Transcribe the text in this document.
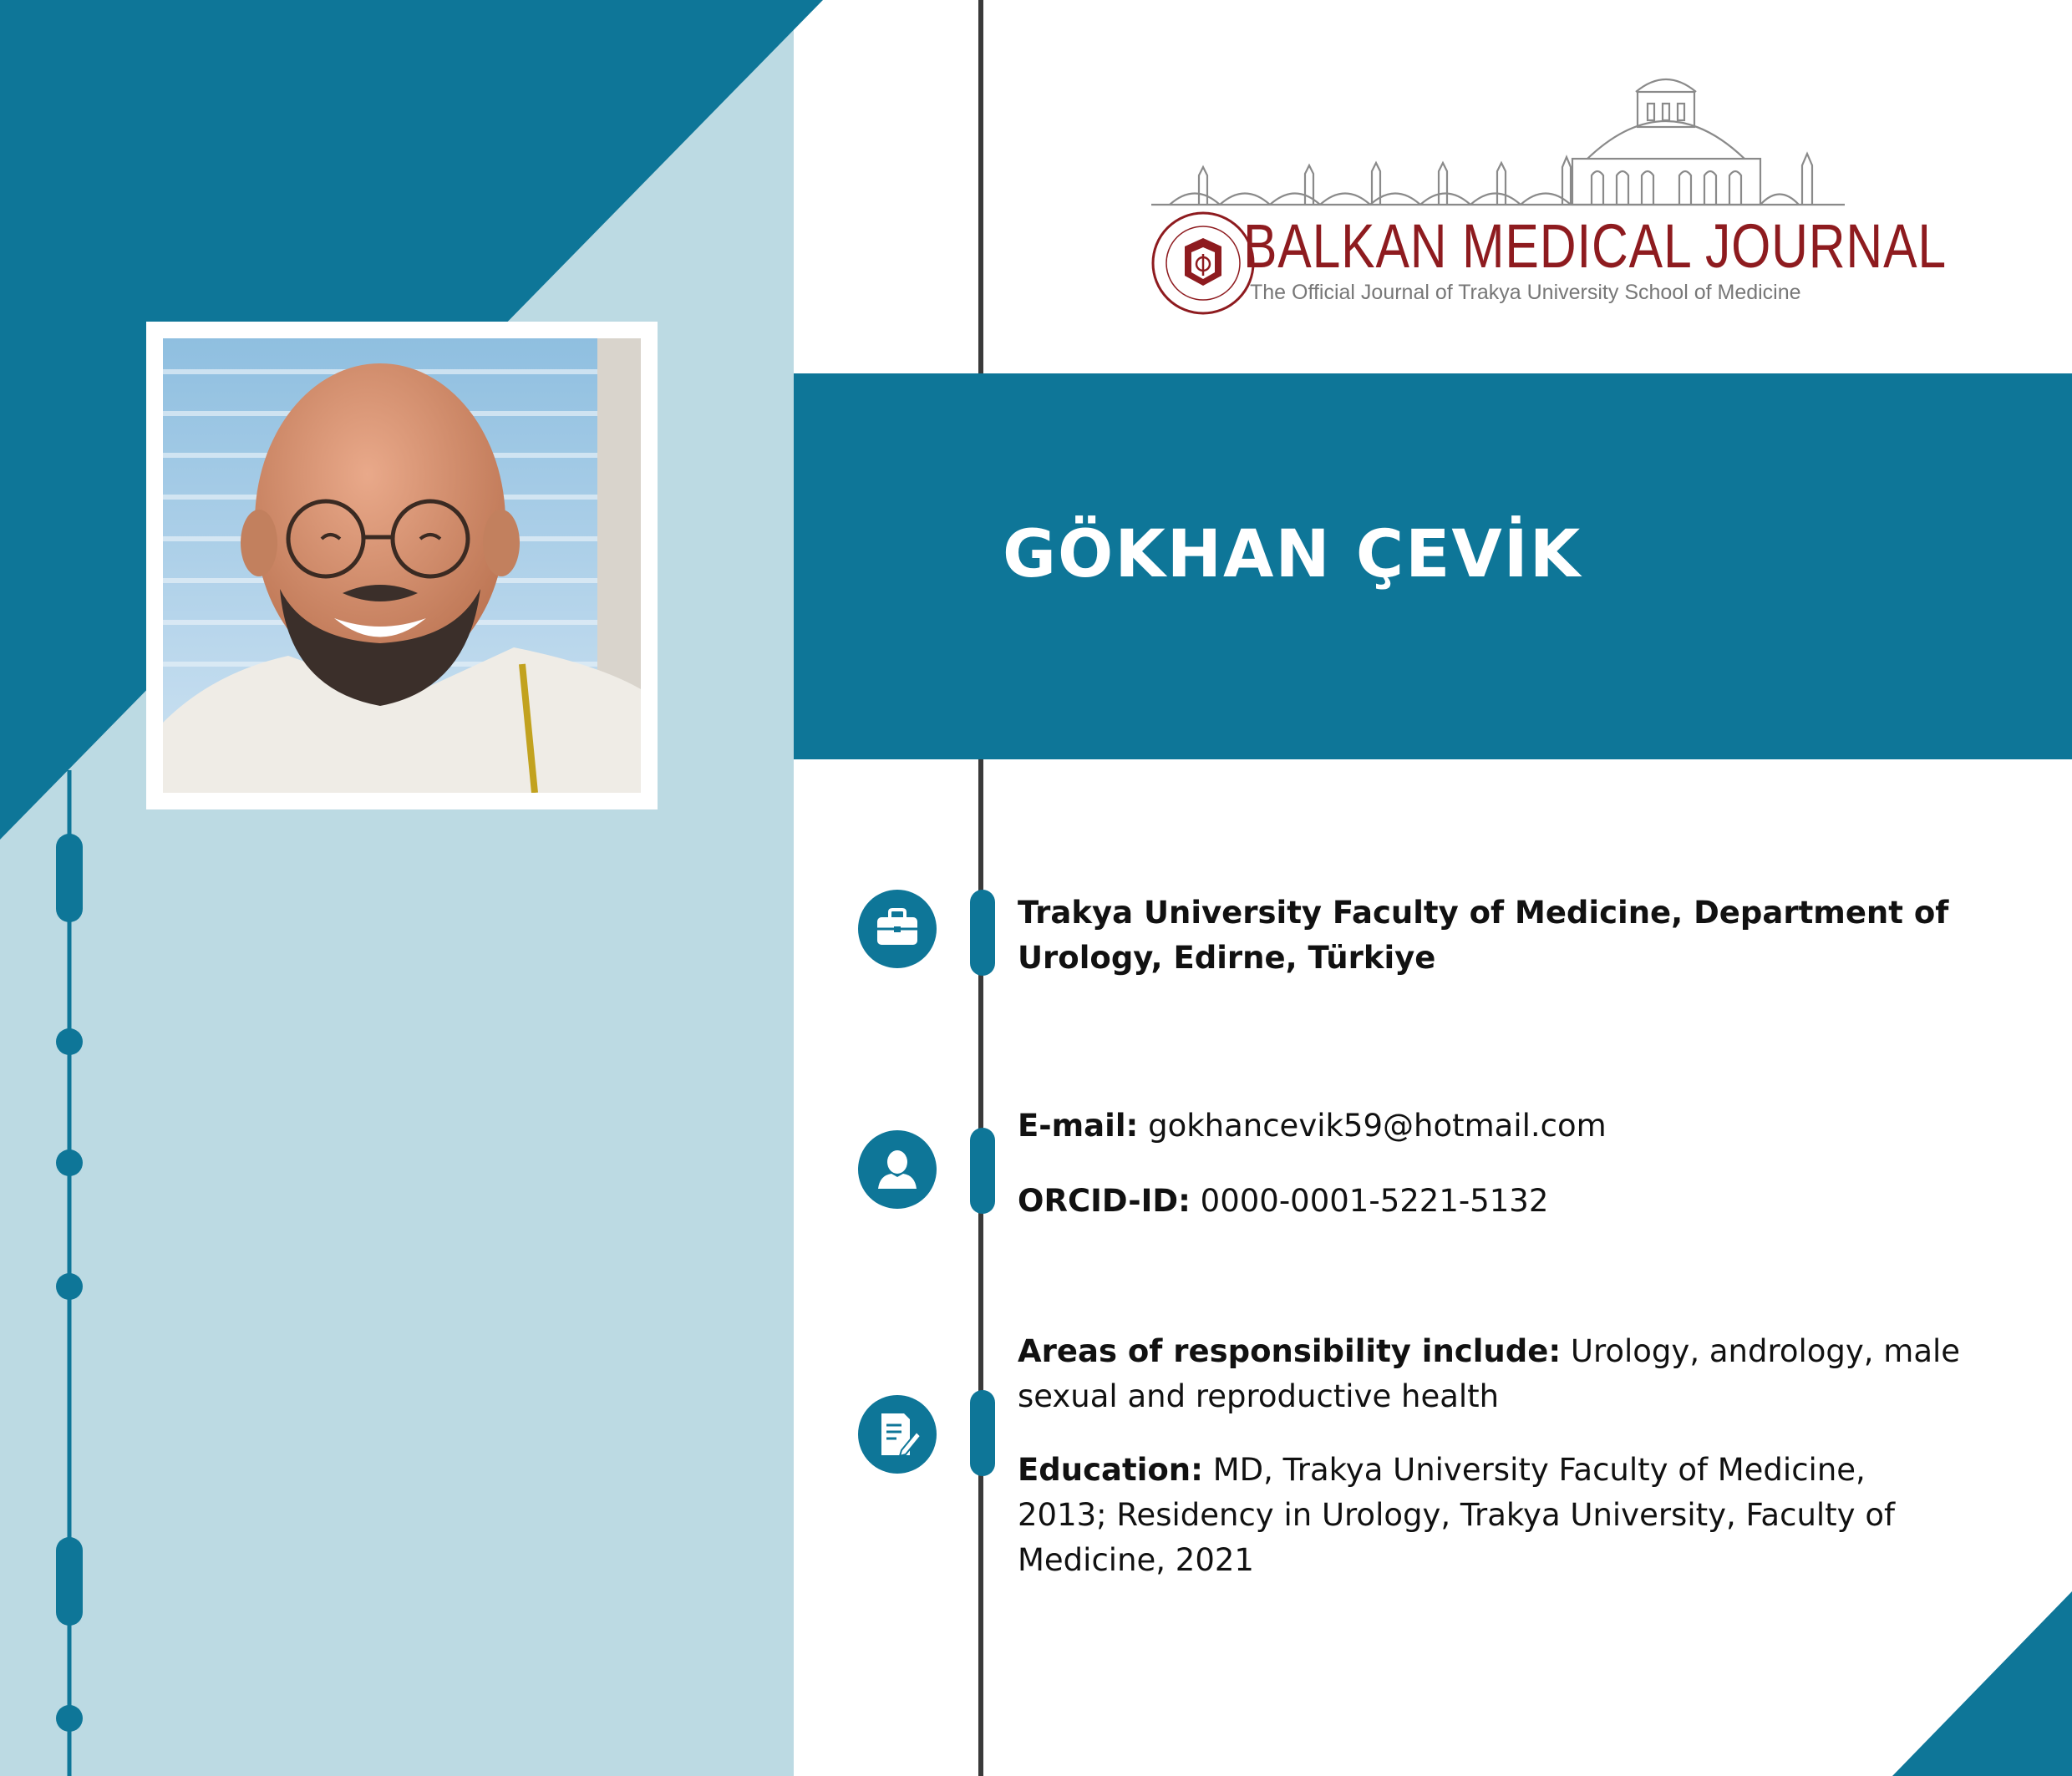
BALKAN MEDICAL JOURNAL
The Official Journal of Trakya University School of Medicine
GÖKHAN ÇEVİK

Trakya University Faculty of Medicine, Department of Urology, Edirne, Türkiye

E-mail: gokhancevik59@hotmail.com

ORCID-ID: 0000-0001-5221-5132

Areas of responsibility include: Urology, andrology, male sexual and reproductive health

Education: MD, Trakya University Faculty of Medicine, 2013; Residency in Urology, Trakya University, Faculty of Medicine, 2021
